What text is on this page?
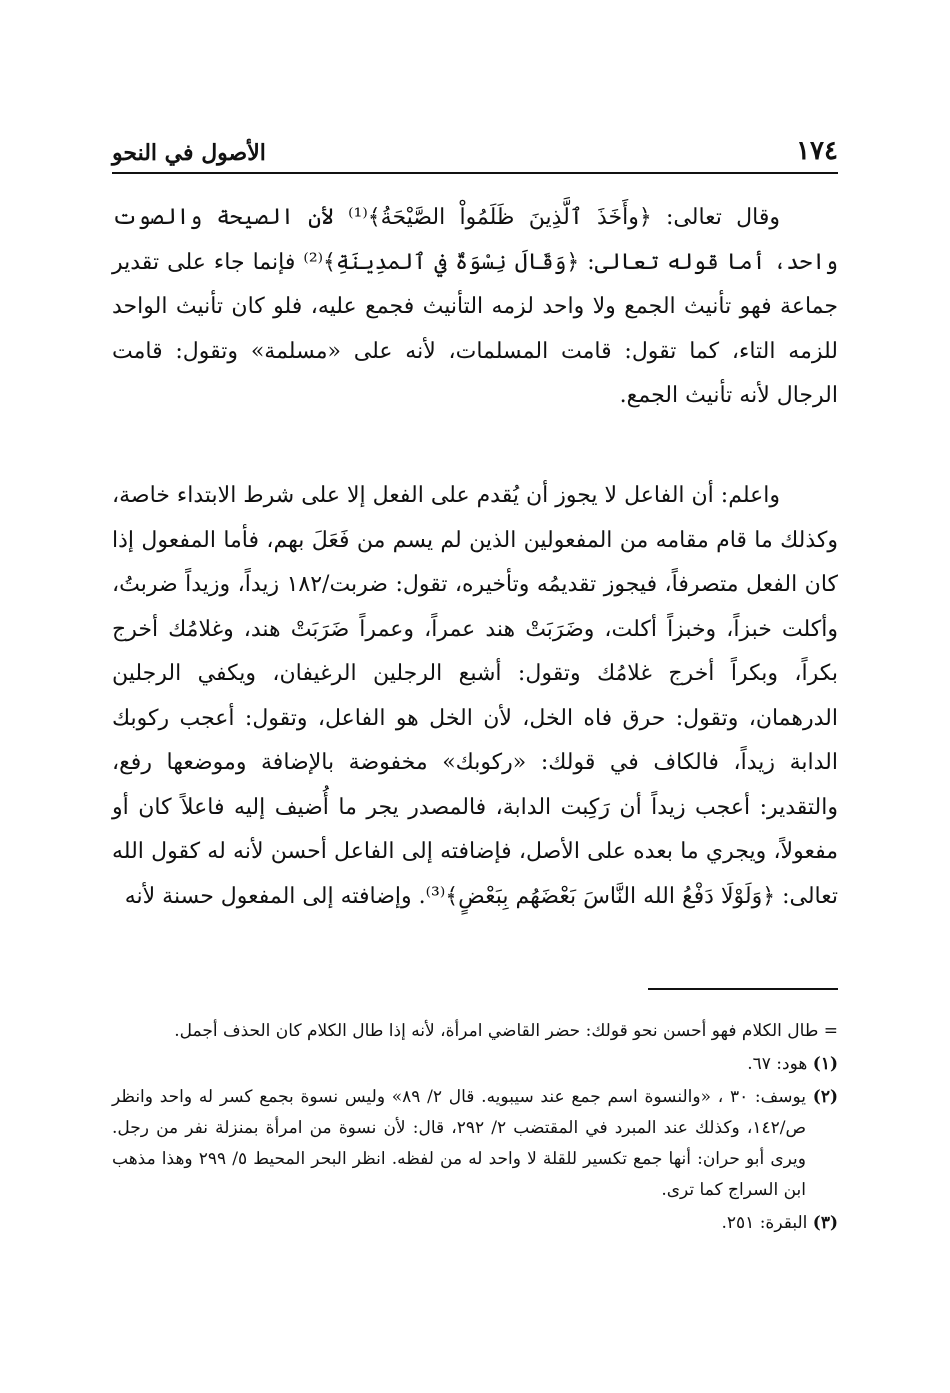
١٧٤
الأصول في النحو

وقال تعالى: ﴿وأَخَذَ ٱلَّذِينَ ظَلَمُواْ الصَّيْحَةُ﴾⁽¹⁾ لأن الصيحة والصوت واحد، أما قوله تعالى: ﴿وَقَالَ نِسْوَةٌ في ٱلمدِينَةِ﴾⁽²⁾ فإنما جاء على تقدير جماعة فهو تأنيث الجمع ولا واحد لزمه التأنيث فجمع عليه، فلو كان تأنيث الواحد للزمه التاء، كما تقول: قامت المسلمات، لأنه على «مسلمة» وتقول: قامت الرجال لأنه تأنيث الجمع.

واعلم: أن الفاعل لا يجوز أن يُقدم على الفعل إلا على شرط الابتداء خاصة، وكذلك ما قام مقامه من المفعولين الذين لم يسم من فَعَلَ بهم، فأما المفعول إذا كان الفعل متصرفاً، فيجوز تقديمُه وتأخيره، تقول: ضربت/١٨٢ زيداً، وزيداً ضربتُ، وأكلت خبزاً، وخبزاً أكلت، وضَرَبَتْ هند عمراً، وعمراً ضَرَبَتْ هند، وغلامُك أخرج بكراً، وبكراً أخرج غلامُك وتقول: أشبع الرجلين الرغيفان، ويكفي الرجلين الدرهمان، وتقول: حرق فاه الخل، لأن الخل هو الفاعل، وتقول: أعجب ركوبك الدابة زيداً، فالكاف في قولك: «ركوبك» مخفوضة بالإضافة وموضعها رفع، والتقدير: أعجب زيداً أن رَكِبت الدابة، فالمصدر يجر ما أُضيف إليه فاعلاً كان أو مفعولاً، ويجري ما بعده على الأصل، فإضافته إلى الفاعل أحسن لأنه له كقول الله تعالى: ﴿وَلَوْلَا دَفْعُ الله النَّاسَ بَعْضَهُم بِبَعْضٍ﴾⁽³⁾. وإضافته إلى المفعول حسنة لأنه

= طال الكلام فهو أحسن نحو قولك: حضر القاضي امرأة، لأنه إذا طال الكلام كان الحذف أجمل.

(١) هود: ٦٧.

(٢) يوسف: ٣٠ ، «والنسوة اسم جمع عند سيبويه. قال ٢/ ٨٩» وليس نسوة بجمع كسر له واحد وانظر ص/١٤٢، وكذلك عند المبرد في المقتضب ٢/ ٢٩٢، قال: لأن نسوة من امرأة بمنزلة نفر من رجل. ويرى أبو حران: أنها جمع تكسير للقلة لا واحد له من لفظه. انظر البحر المحيط ٥/ ٢٩٩ وهذا مذهب ابن السراج كما ترى.

(٣) البقرة: ٢٥١.
